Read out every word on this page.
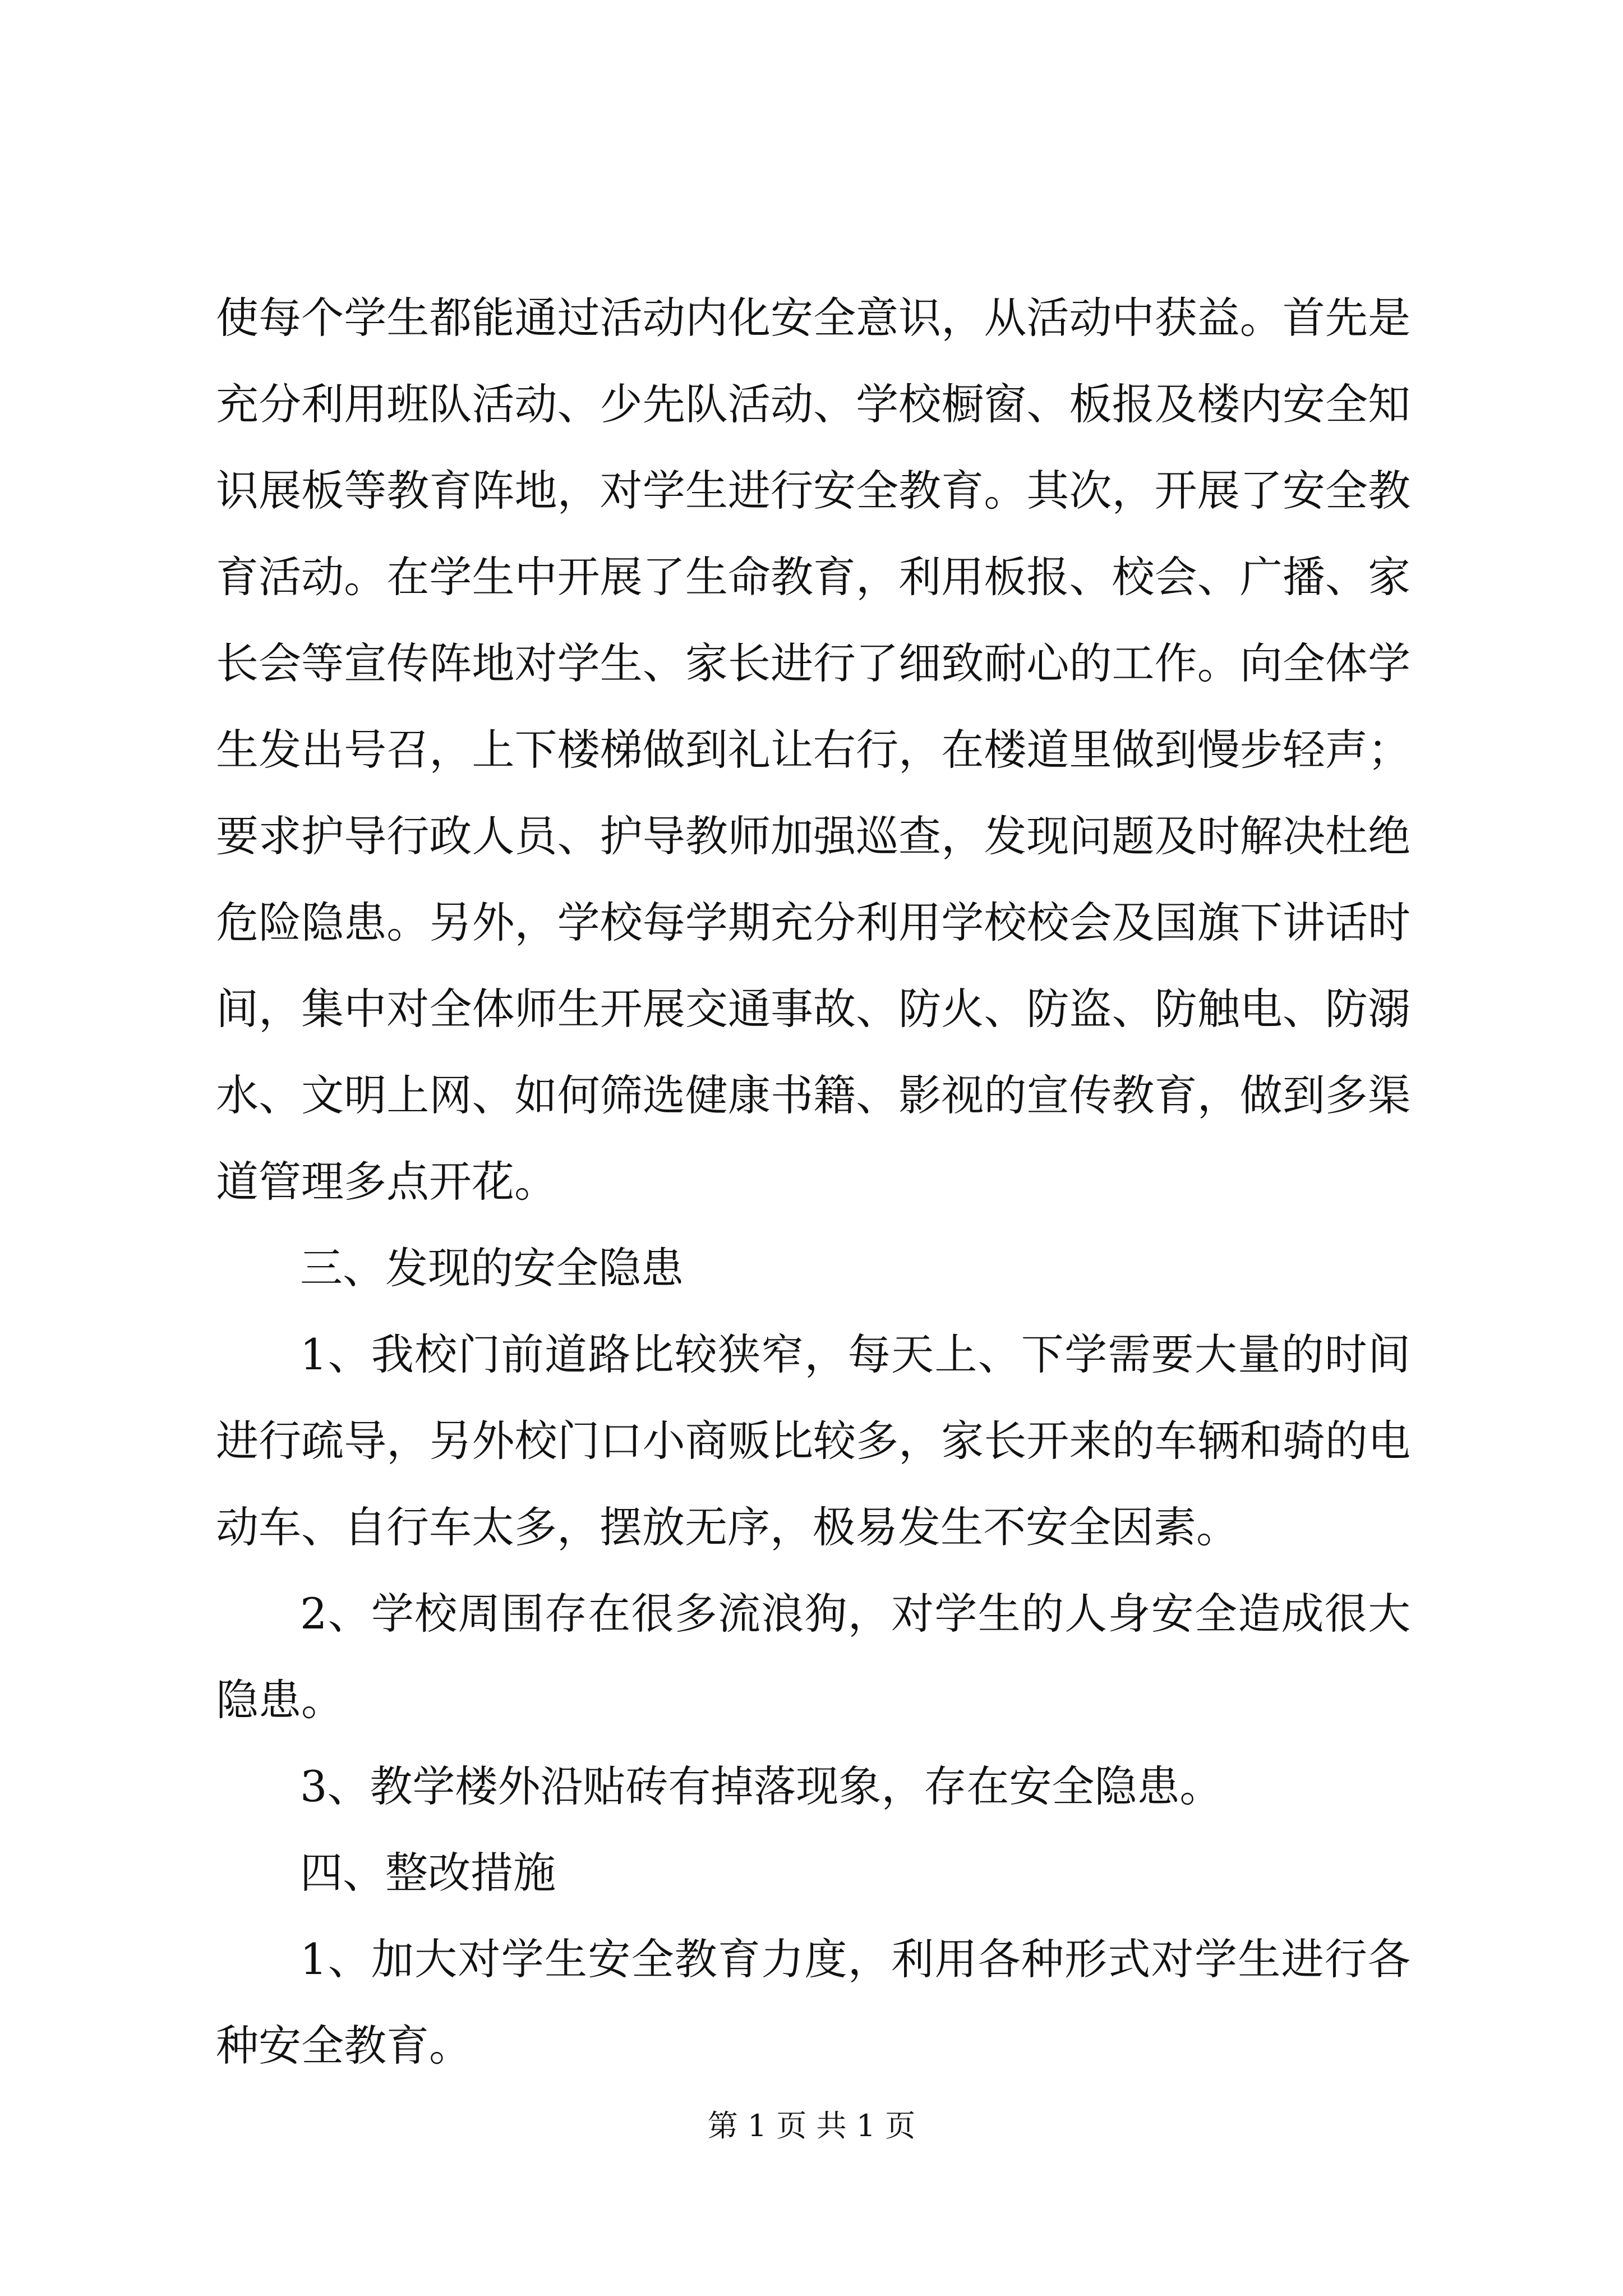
使每个学生都能通过活动内化安全意识，从活动中获益。首先是
充分利用班队活动、少先队活动、学校橱窗、板报及楼内安全知
识展板等教育阵地，对学生进行安全教育。其次，开展了安全教
育活动。在学生中开展了生命教育，利用板报、校会、广播、家
长会等宣传阵地对学生、家长进行了细致耐心的工作。向全体学
生发出号召，上下楼梯做到礼让右行，在楼道里做到慢步轻声；
要求护导行政人员、护导教师加强巡查，发现问题及时解决杜绝
危险隐患。另外，学校每学期充分利用学校校会及国旗下讲话时
间，集中对全体师生开展交通事故、防火、防盗、防触电、防溺
水、文明上网、如何筛选健康书籍、影视的宣传教育，做到多渠
道管理多点开花。
三、发现的安全隐患
1、我校门前道路比较狭窄，每天上、下学需要大量的时间
进行疏导，另外校门口小商贩比较多，家长开来的车辆和骑的电
动车、自行车太多，摆放无序，极易发生不安全因素。
2、学校周围存在很多流浪狗，对学生的人身安全造成很大
隐患。
3、教学楼外沿贴砖有掉落现象，存在安全隐患。
四、整改措施
1、加大对学生安全教育力度，利用各种形式对学生进行各
种安全教育。
第 1 页 共 1 页
